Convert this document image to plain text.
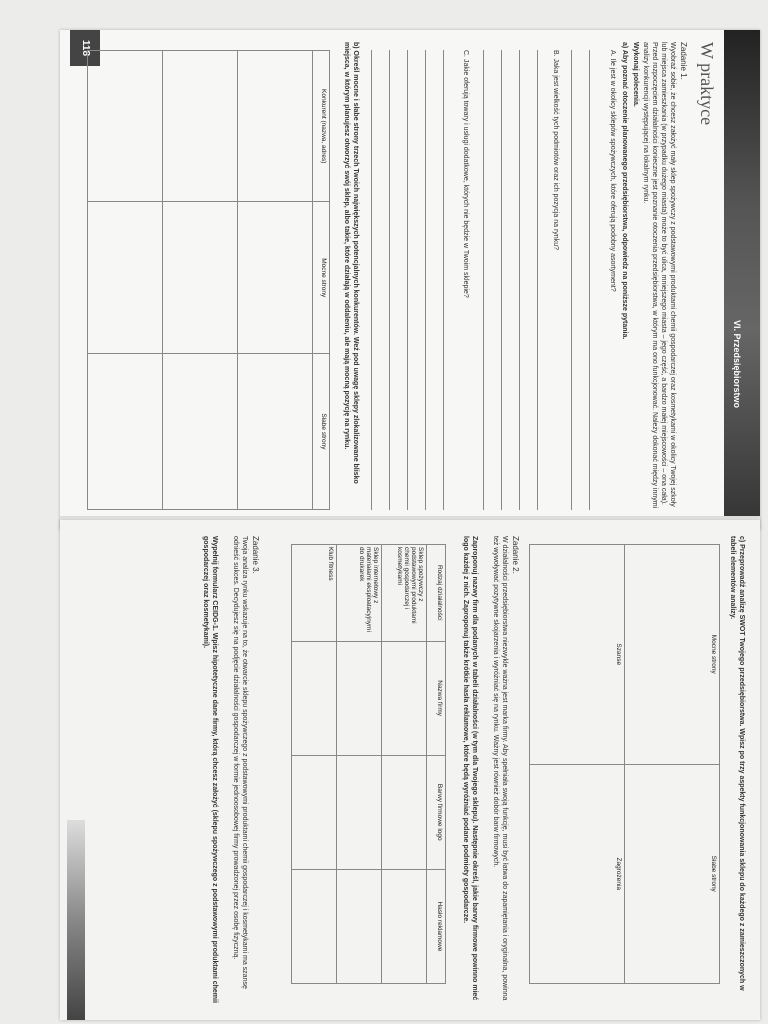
VI. Przedsiębiorstwo
118	W praktyce
Zadanie 1.
Wyobraź sobie, że chcesz założyć mały sklep spożywczy z podstawowymi produktami chemii gospodarczej oraz kosmetykami w okolicy Twojej szkoły lub miejsca zamieszkania (w przypadku dużego miasta) może to być ulica, mniejszego miasta – jego część, a bardzo małej miejscowości – ona cała). Przed rozpoczęciem działalności konieczne jest poznanie otoczenia przedsiębiorstwa, w którym ma ono funkcjonować. Należy dokonać między innymi analizy konkurencji występującej na lokalnym rynku.
Wykonaj polecenia.
a) Aby poznać otoczenie planowanego przedsiębiorstwa, odpowiedz na poniższe pytania.
A. Ile jest w okolicy sklepów spożywczych, które oferują podobny asortyment?
B. Jaka jest wielkość tych podmiotów oraz ich pozycja na rynku?
C. Jakie oferują towary i usługi dodatkowe, których nie będzie w Twoim sklepie?
b) Określ mocne i słabe strony trzech Twoich największych potencjalnych konkurentów. Weź pod uwagę sklepy zlokalizowane blisko miejsca, w którym planujesz otworzyć swój sklep, albo takie, które działają w oddaleniu, ale mają mocną pozycję na rynku.
Konkurent (nazwa, adres)	Mocne strony	Słabe strony

c) Przeprowadź analizę SWOT Twojego przedsiębiorstwa. Wpisz po trzy aspekty funkcjonowania sklepu do każdego z zamieszczonych w tabeli elementów analizy.
Mocne strony	Słabe strony
Szanse	Zagrożenia
Zadanie 2.
W działalności przedsiębiorstwa niezwykle ważna jest marka firmy. Aby spełniała swoją funkcję, musi być łatwa do zapamiętania i oryginalna, powinna też wywoływać pozytywne skojarzenia i wyróżniać się na rynku. Ważny jest również dobór barw firmowych.
Zaproponuj nazwy firm dla podanych w tabeli działalności (w tym dla Twojego sklepu). Następnie określ, jakie barwy firmowe powinno mieć logo każdej z nich. Zaproponuj także krótkie hasła reklamowe, które będą wyróżniać podane podmioty gospodarcze.
Rodzaj działalności	Nazwa firmy	Barwy firmowe logo	Hasło reklamowe
Sklep spożywczy z podstawowymi produktami chemii gospodarczej i kosmetykami			
Sklep internetowy z materiałami eksploatacyjnymi do drukarek			
Klub fitness			
Zadanie 3.
Twoja analiza rynku wskazuje na to, że otwarcie sklepu spożywczego z podstawowymi produktami chemii gospodarczej i kosmetykami ma szansę odnieść sukces. Decydujesz się na podjęcie działalności gospodarczej w formie jednoosobowej firmy prowadzonej przez osobę fizyczną.
Wypełnij formularz CEIDG-1. Wpisz hipotetyczne dane firmy, którą chcesz założyć (sklepu spożywczego z podstawowymi produktami chemii gospodarczej oraz kosmetykami).
